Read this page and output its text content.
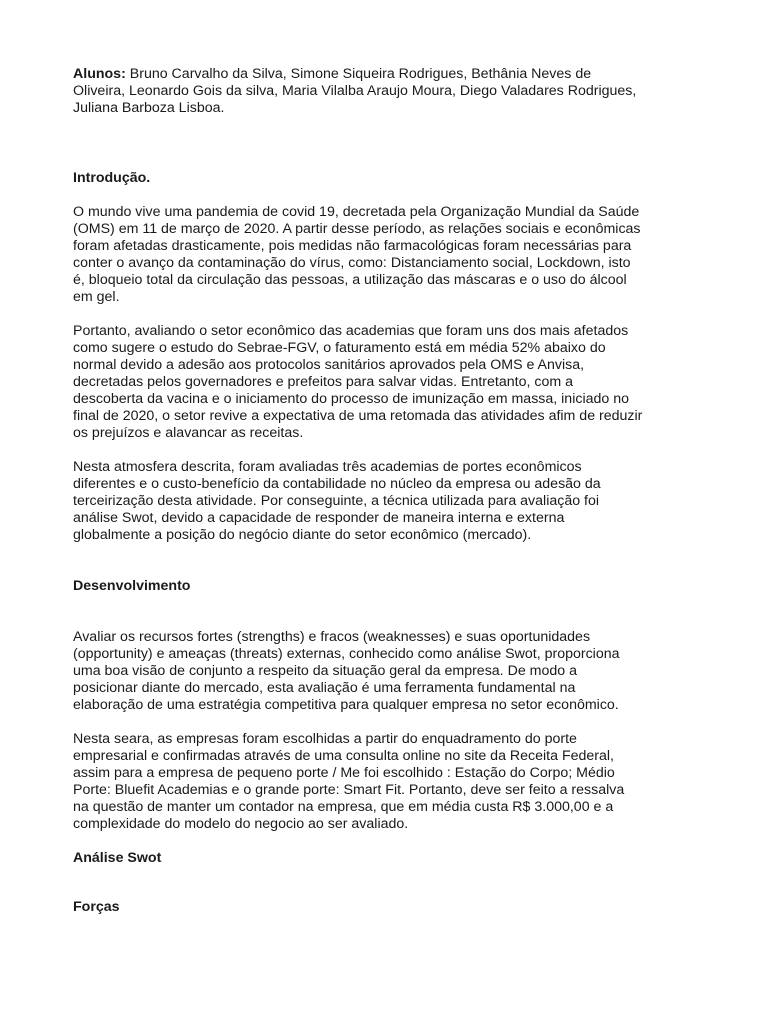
Alunos: Bruno Carvalho da Silva, Simone Siqueira Rodrigues, Bethânia Neves de
Oliveira, Leonardo Gois da silva, Maria Vilalba Araujo Moura, Diego Valadares Rodrigues,
Juliana Barboza Lisboa.

Introdução.

O mundo vive uma pandemia de covid 19, decretada pela Organização Mundial da Saúde
(OMS) em 11 de março de 2020. A partir desse período, as relações sociais e econômicas
foram afetadas drasticamente, pois medidas não farmacológicas foram necessárias para
conter o avanço da contaminação do vírus, como: Distanciamento social, Lockdown, isto
é, bloqueio total da circulação das pessoas, a utilização das máscaras e o uso do álcool
em gel.

Portanto, avaliando o setor econômico das academias que foram uns dos mais afetados
como sugere o estudo do Sebrae-FGV, o faturamento está em média 52% abaixo do
normal devido a adesão aos protocolos sanitários aprovados pela OMS e Anvisa,
decretadas pelos governadores e prefeitos para salvar vidas. Entretanto, com a
descoberta da vacina e o iniciamento do processo de imunização em massa, iniciado no
final de 2020, o setor revive a expectativa de uma retomada das atividades afim de reduzir
os prejuízos e alavancar as receitas.

Nesta atmosfera descrita, foram avaliadas três academias de portes econômicos
diferentes e o custo-benefício da contabilidade no núcleo da empresa ou adesão da
terceirização desta atividade. Por conseguinte, a técnica utilizada para avaliação foi
análise Swot, devido a capacidade de responder de maneira interna e externa
globalmente a posição do negócio diante do setor econômico (mercado).

Desenvolvimento

Avaliar os recursos fortes (strengths) e fracos (weaknesses) e suas oportunidades
(opportunity) e ameaças (threats) externas, conhecido como análise Swot, proporciona
uma boa visão de conjunto a respeito da situação geral da empresa. De modo a
posicionar diante do mercado, esta avaliação é uma ferramenta fundamental na
elaboração de uma estratégia competitiva para qualquer empresa no setor econômico.

Nesta seara, as empresas foram escolhidas a partir do enquadramento do porte
empresarial e confirmadas através de uma consulta online no site da Receita Federal,
assim para a empresa de pequeno porte / Me foi escolhido : Estação do Corpo; Médio
Porte: Bluefit Academias e o grande porte: Smart Fit. Portanto, deve ser feito a ressalva
na questão de manter um contador na empresa, que em média custa R$ 3.000,00 e a
complexidade do modelo do negocio ao ser avaliado.

Análise Swot
Forças
